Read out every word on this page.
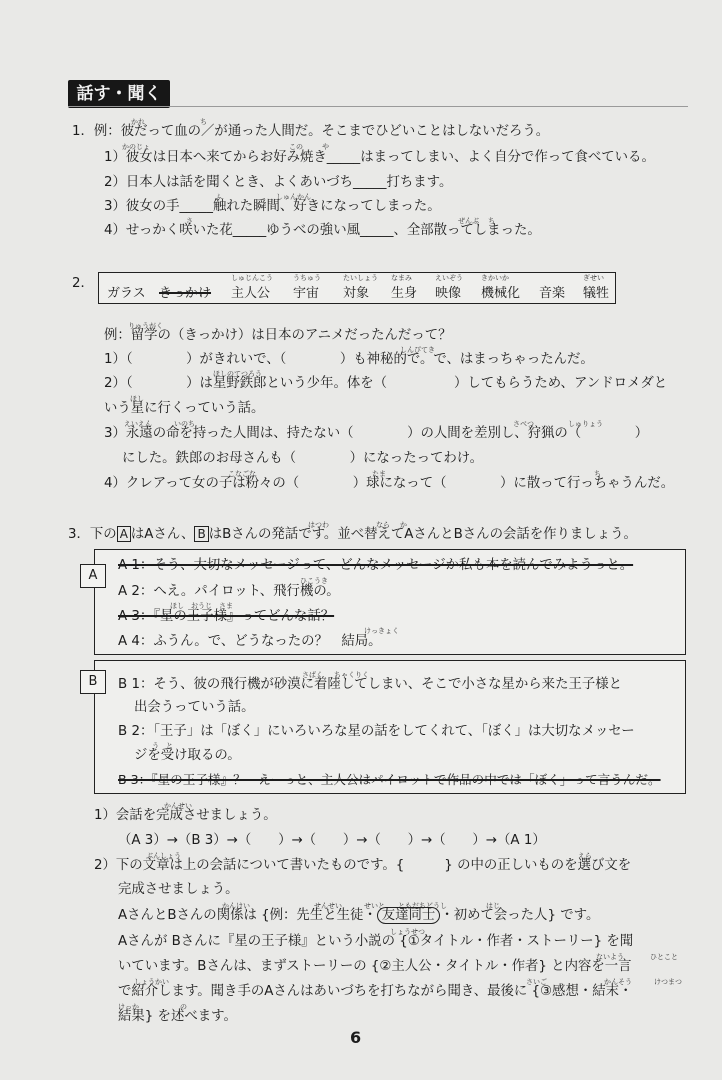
話す・聞く
かれ	ち
1．例：彼だって血の／が通った人間だ。そこまでひどいことはしないだろう。
かのじょ	この	や
1）彼女は日本へ来てからお好み焼き_____はまってしまい、よく自分で作って食べている。
2）日本人は話を聞くとき、よくあいづち_____打ちます。
ふ	しゅんかん
3）彼女の手_____触れた瞬間、好きになってしまった。
さ	ぜんぶ ち
4）せっかく咲いた花_____ゆうべの強い風_____、全部散ってしまった。
2．
ガラス きっかけ
しゅじんこう
主人公
うちゅう
宇宙
たいしょう
対象
なまみ
生身
えいぞう
映像
きかいか
機械化 音楽
ぎせい
犠牲
りゅうがく
例：留学の（きっかけ）は日本のアニメだったんだって？
しんぴてき
1）（　　　　）がきれいで、（　　　　）も神秘的で。で、はまっちゃったんだ。
ほしのてつろう
2）（　　　　）は星野鉄郎という少年。体を（　　　　　）してもらうため、アンドロメダと
ほし
いう星に行くっていう話。
えいえん	いのち	さべつ	しゅりょう
3）永遠の命を持った人間は、持たない（　　　　）の人間を差別し、狩猟の（　　　　）
にした。鉄郎のお母さんも（　　　　）になったってわけ。
こなごな	たま	ち
4）クレアって女の子は粉々の（　　　　）球になって（　　　　）に散って行っちゃうんだ。
はつわ	なら か
3．下の A はAさん、 B はBさんの発話です。並べ替えてAさんとBさんの会話を作りましょう。
A
A 1：そう、大切なメッセージって、どんなメッセージか私も本を読んでみようっと。
ひこうき
A 2：へえ。パイロット、飛行機の。
ほし　おうじ　さま
A 3：『星の王子様』ってどんな話？
けっきょく
A 4：ふうん。で、どうなったの？　結局。
B	さばく ちゃくりく
B 1：そう、彼の飛行機が砂漠に着陸してしまい、そこで小さな星から来た王子様と
出会うっていう話。
B 2：「王子」は「ぼく」にいろいろな星の話をしてくれて、「ぼく」は大切なメッセー
う　と
ジを受け取るの。
B 3：『星の王子様』？　えーっと、主人公はパイロットで作品の中では「ぼく」って言うんだ。
かんせい
1）会話を完成させましょう。
（A 3）→（B 3）→（　　）→（　　）→（　　）→（　　）→（A 1）
ぶんしょう	えら
2）下の文章は上の会話について書いたものです。{	} の中の正しいものを選び文を
完成させましょう。
かんけい	せんせい	せいと ともだちどうし	はじ
AさんとBさんの関係は {例：先生と生徒・ 友達同士 ・初めて会った人} です。
しょうせつ
Aさんが Bさんに『星の王子様』という小説の {①タイトル・作者・ストーリー} を聞
ないよう	ひとこと
いています。Bさんは、まずストーリーの {②主人公・タイトル・作者} と内容を一言
しょうかい	さいご	かんそう	けつまつ
で紹介します。聞き手のAさんはあいづちを打ちながら聞き、最後に {③感想・結末・
けっか	の
結果} を述べます。
6
